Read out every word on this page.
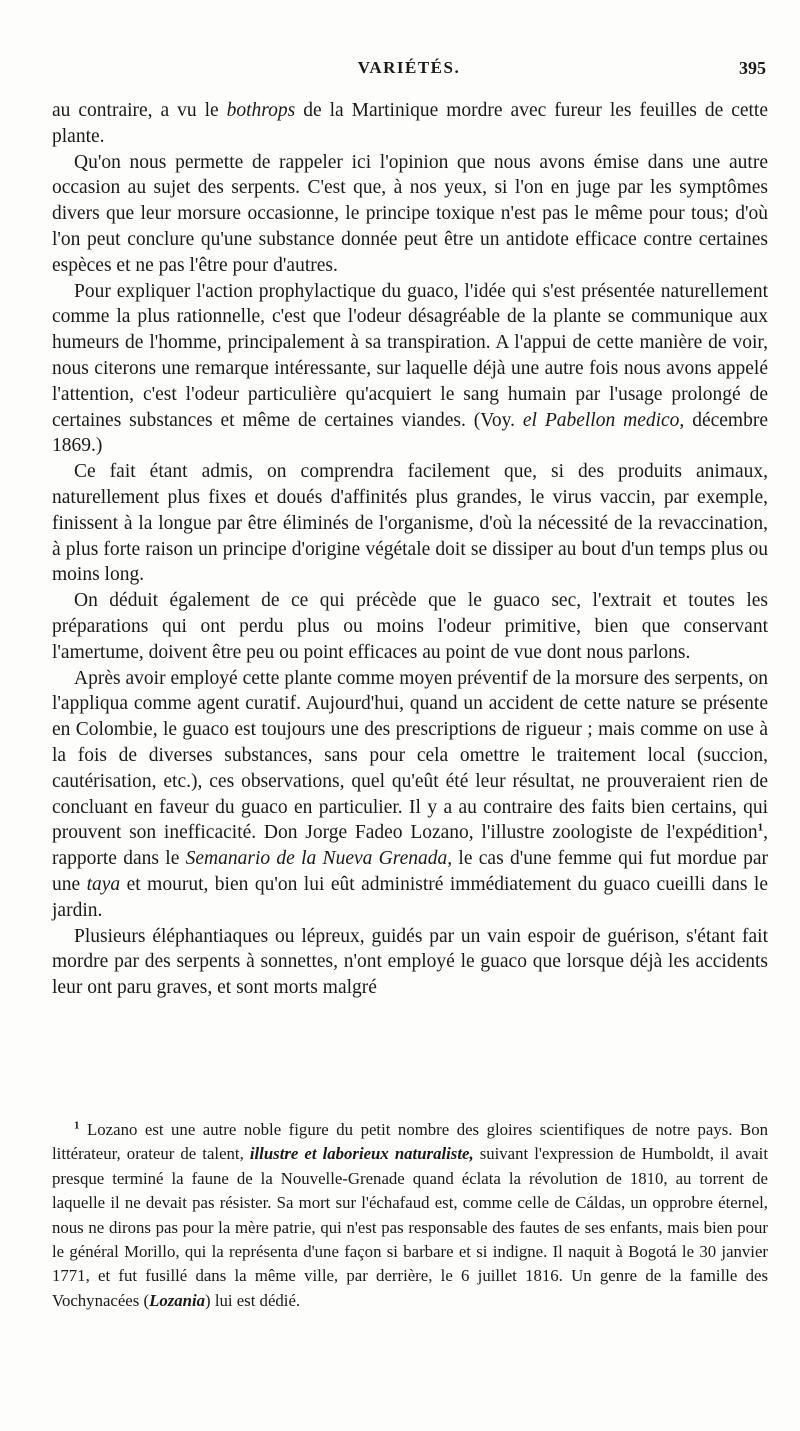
VARIÉTÉS.	395

au contraire, a vu le bothrops de la Martinique mordre avec fureur les feuilles de cette plante.

Qu'on nous permette de rappeler ici l'opinion que nous avons émise dans une autre occasion au sujet des serpents. C'est que, à nos yeux, si l'on en juge par les symptômes divers que leur morsure occasionne, le principe toxique n'est pas le même pour tous; d'où l'on peut conclure qu'une substance donnée peut être un antidote efficace contre certaines espèces et ne pas l'être pour d'autres.

Pour expliquer l'action prophylactique du guaco, l'idée qui s'est présentée naturellement comme la plus rationnelle, c'est que l'odeur désagréable de la plante se communique aux humeurs de l'homme, principalement à sa transpiration. A l'appui de cette manière de voir, nous citerons une remarque intéressante, sur laquelle déjà une autre fois nous avons appelé l'attention, c'est l'odeur particulière qu'acquiert le sang humain par l'usage prolongé de certaines substances et même de certaines viandes. (Voy. el Pabellon medico, décembre 1869.)

Ce fait étant admis, on comprendra facilement que, si des produits animaux, naturellement plus fixes et doués d'affinités plus grandes, le virus vaccin, par exemple, finissent à la longue par être éliminés de l'organisme, d'où la nécessité de la revaccination, à plus forte raison un principe d'origine végétale doit se dissiper au bout d'un temps plus ou moins long.

On déduit également de ce qui précède que le guaco sec, l'extrait et toutes les préparations qui ont perdu plus ou moins l'odeur primitive, bien que conservant l'amertume, doivent être peu ou point efficaces au point de vue dont nous parlons.

Après avoir employé cette plante comme moyen préventif de la morsure des serpents, on l'appliqua comme agent curatif. Aujourd'hui, quand un accident de cette nature se présente en Colombie, le guaco est toujours une des prescriptions de rigueur ; mais comme on use à la fois de diverses substances, sans pour cela omettre le traitement local (succion, cautérisation, etc.), ces observations, quel qu'eût été leur résultat, ne prouveraient rien de concluant en faveur du guaco en particulier. Il y a au contraire des faits bien certains, qui prouvent son inefficacité. Don Jorge Fadeo Lozano, l'illustre zoologiste de l'expédition$^1$, rapporte dans le Semanario de la Nueva Grenada, le cas d'une femme qui fut mordue par une taya et mourut, bien qu'on lui eût administré immédiatement du guaco cueilli dans le jardin.

Plusieurs éléphantiaques ou lépreux, guidés par un vain espoir de guérison, s'étant fait mordre par des serpents à sonnettes, n'ont employé le guaco que lorsque déjà les accidents leur ont paru graves, et sont morts malgré

$^1$ Lozano est une autre noble figure du petit nombre des gloires scientifiques de notre pays. Bon littérateur, orateur de talent, illustre et laborieux naturaliste, suivant l'expression de Humboldt, il avait presque terminé la faune de la Nouvelle-Grenade quand éclata la révolution de 1810, au torrent de laquelle il ne devait pas résister. Sa mort sur l'échafaud est, comme celle de Cáldas, un opprobre éternel, nous ne dirons pas pour la mère patrie, qui n'est pas responsable des fautes de ses enfants, mais bien pour le général Morillo, qui la représenta d'une façon si barbare et si indigne. Il naquit à Bogotá le 30 janvier 1771, et fut fusillé dans la même ville, par derrière, le 6 juillet 1816. Un genre de la famille des Vochynacées (Lozania) lui est dédié.
